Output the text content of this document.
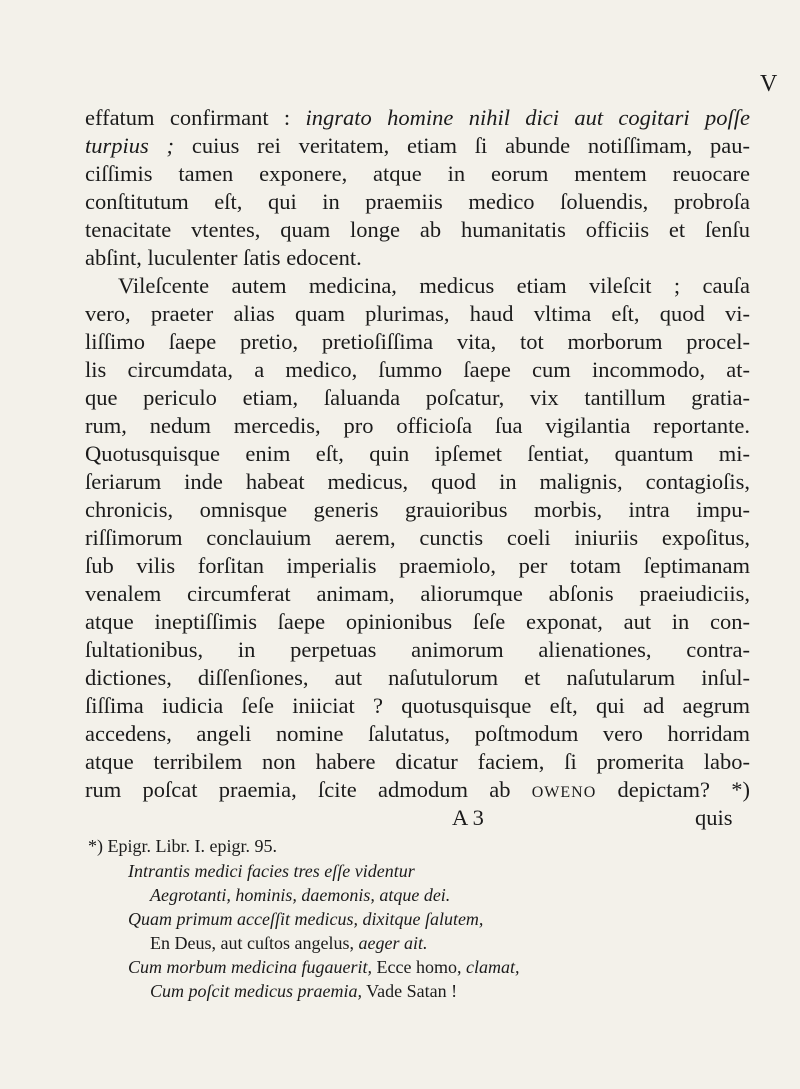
V
effatum confirmant : ingrato homine nihil dici aut cogitari poſſe
turpius ; cuius rei veritatem, etiam ſi abunde notiſſimam, pau-
ciſſimis tamen exponere, atque in eorum mentem reuocare
conſtitutum eſt, qui in praemiis medico ſoluendis, probroſa
tenacitate vtentes, quam longe ab humanitatis officiis et ſenſu
abſint, luculenter ſatis edocent.
Vileſcente autem medicina, medicus etiam vileſcit ; cauſa
vero, praeter alias quam plurimas, haud vltima eſt, quod vi-
liſſimo ſaepe pretio, pretioſiſſima vita, tot morborum procel-
lis circumdata, a medico, ſummo ſaepe cum incommodo, at-
que periculo etiam, ſaluanda poſcatur, vix tantillum gratia-
rum, nedum mercedis, pro officioſa ſua vigilantia reportante.
Quotusquisque enim eſt, quin ipſemet ſentiat, quantum mi-
ſeriarum inde habeat medicus, quod in malignis, contagioſis,
chronicis, omnisque generis grauioribus morbis, intra impu-
riſſimorum conclauium aerem, cunctis coeli iniuriis expoſitus,
ſub vilis forſitan imperialis praemiolo, per totam ſeptimanam
venalem circumferat animam, aliorumque abſonis praeiudiciis,
atque ineptiſſimis ſaepe opinionibus ſeſe exponat, aut in con-
ſultationibus, in perpetuas animorum alienationes, contra-
dictiones, diſſenſiones, aut naſutulorum et naſutularum inſul-
ſiſſima iudicia ſeſe iniiciat ? quotusquisque eſt, qui ad aegrum
accedens, angeli nomine ſalutatus, poſtmodum vero horridam
atque terribilem non habere dicatur faciem, ſi promerita labo-
rum poſcat praemia, ſcite admodum ab oweno depictam? *)
A 3	quis
*) Epigr. Libr. I. epigr. 95.
Intrantis medici facies tres eſſe videntur
Aegrotanti, hominis, daemonis, atque dei.
Quam primum acceſſit medicus, dixitque ſalutem,
En Deus, aut cuſtos angelus, aeger ait.
Cum morbum medicina fugauerit, Ecce homo, clamat,
Cum poſcit medicus praemia, Vade Satan !
